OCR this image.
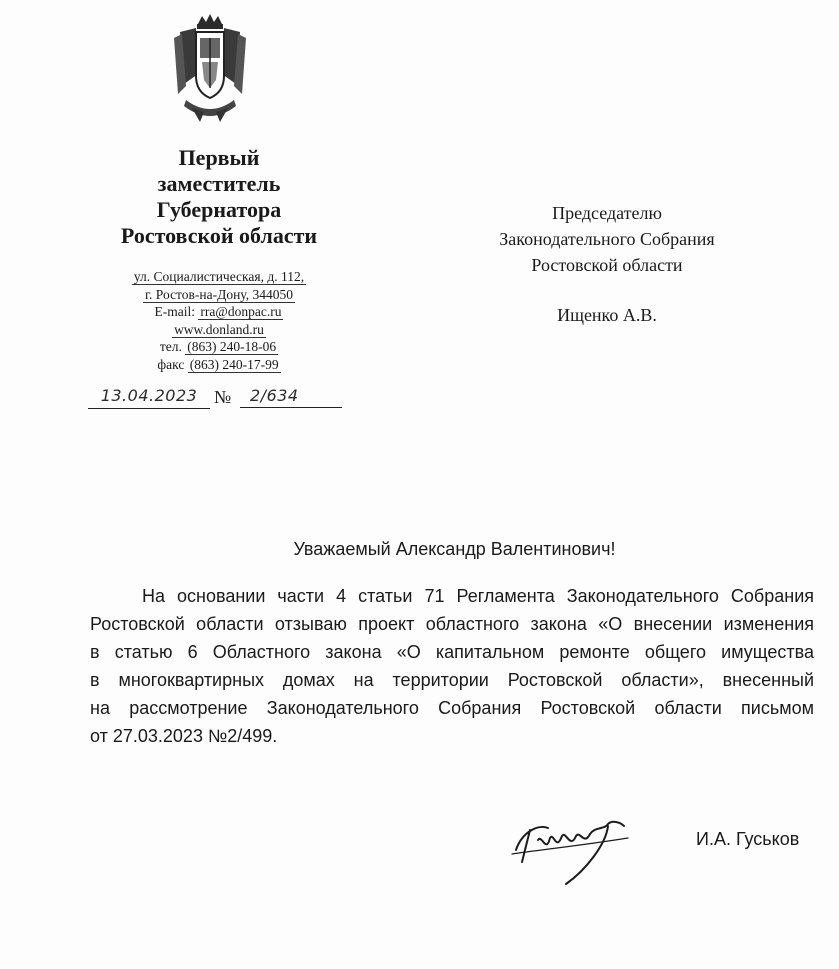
Первый
заместитель
Губернатора
Ростовской области
ул. Социалистическая, д. 112,
г. Ростов-на-Дону, 344050
E-mail: rra@donpac.ru
www.donland.ru
тел. (863) 240-18-06
факс (863) 240-17-99
13.04.2023 №	2/634
Председателю
Законодательного Собрания
Ростовской области
Ищенко А.В.
Уважаемый Александр Валентинович!
На основании части 4 статьи 71 Регламента Законодательного Собрания
Ростовской области отзываю проект областного закона «О внесении изменения
в статью 6 Областного закона «О капитальном ремонте общего имущества
в многоквартирных домах на территории Ростовской области», внесенный
на рассмотрение Законодательного Собрания Ростовской области письмом
от 27.03.2023 №2/499.
И.А. Гуськов
